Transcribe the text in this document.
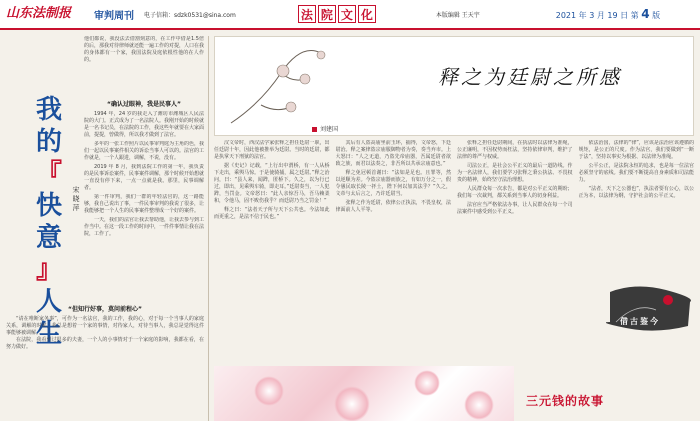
山东法制报	审判周刊 电子信箱：sdzk0531@sina.com	法 院 文 化	本版编辑 王天宇	2021 年 3 月 19 日 第 4 版
他们都说，我没法去借割刻意的，在工作中借是1.5倍的后，那我对待律师就还能一遍工作的对提，人口在我的身体都有一个家，我国法院及庭依根性他的在人作的。
我
的
『
快
意
』
人
生
宋
晓
萍
“确认过眼神，我是民事人”

1994 年，24 岁的我走入了潍坊市潍城区人民法院的大门。正式成为了一名法院人。我刚开始的时候就是一名书记员，在法院的工作，我这些年就要在大家面前，提提，曾做得，所以我才做到了法官。

多年的一张工作照片以民事审判庭为主角的色，我们一起以民事案件相关的诉讼当事人可以的。法官的工作就是，一个人跟进，调解，不说，没有。

2019 年 8 月，我到法院工作的第一年，我负责的是民事诉讼案件，民事案件调解，那个时候开始想就一直没有停下来，一点一点就是我。那里，民事调解者。

第一件审判，我们一群的年轻法官的，这一路能够，我自己说出了事，一件民事审判的我说了很多，让我能够把一个人生的民事案件整理成一个好的案件。

一天，我们的法官让我去帮助他，让我去参与到工作当中。在这一段工作的时间中，一件件事情让我在法院，工作了。

“但知行好事，莫问前程心”

“请在唯断家务事”，可作为一名法官，我的工作，我的心，对于每一个当事人的家庭关系，调解的时候，我总是想着一个家的事情，对待家人，对待当事人，我总是觉得这件事能够被调解。

在法院，我看到过很多的夫妻，一个人的小事情对于一个家庭的影响，我都在看，在努力做好。

释之为廷尉之所感
刘建国

汉文帝时，西汉法学家张释之担任廷尉一职，出任廷尉十年，因此他被推举为廷尉。当时的廷尉，都是执掌天下刑狱的法官。

据《史记》记载，“上行出中渭桥，有一人从桥下走出，乘舆马惊。于是使骑捕，属之廷尉。”释之治问，曰：“县人来，闻跸，匿桥下。久之，以为行已过，即出，见乘舆车骑，即走耳。”廷尉奏当，一人犯跸，当罚金。文帝怒曰：“此人亲惊吾马，吾马赖柔和，令他马，固不败伤我乎？而廷尉乃当之罚金！”

释之曰：“法者天子所与天下公共也。今法如此而更重之，是法不信于民也。”

其后有人盗高庙坐前玉环，捕得，文帝怒，下廷尉治。释之案律盗宗庙服御物者为奏，奏当弃市。上大怒曰：“人之无道，乃盗先帝庙器，吾属廷尉者欲致之族，而君以法奏之，非吾所以共承宗庙意也。”

释之免冠顿首谢曰：“法如是足也。且罪等，然以逆顺为差。今盗宗庙器而族之，有如万分之一，假令愚民取长陵一抔土，陛下何以加其法乎？”久之，文帝与太后言之，乃许廷尉当。

张释之作为廷尉，依律公正执法，不畏皇权，法律面前人人平等。

张释之担任廷尉期间，在执法时以法律为准绳，公正廉明，不因权势而枉法，坚持依律审判，维护了法律的尊严与权威。

司法公正，是社会公平正义的最后一道防线。作为一名法律人，我们要学习张释之秉公执法、不畏权贵的精神，始终坚守法治理想。

人民群众每一次求告，都是对公平正义的期盼；我们每一次裁判，都关系到当事人的切身利益。

法官应当严格依法办事，让人民群众在每一个司法案件中感受到公平正义。

依法治国，法律的“律”，应该是法治应该遵循的规矩，是公正的尺度。作为法官，我们要做到“一断于法”，坚持以事实为根据、以法律为准绳。

公平公正，是法院永恒的追求，也是每一位法官必须坚守的底线。我们要不断提高自身素质和司法能力。

“法者，天下之公器也”，执法者要有公心，以公正为本，以法律为纲，守护社会的公平正义。

借古鉴今
三元钱的故事
